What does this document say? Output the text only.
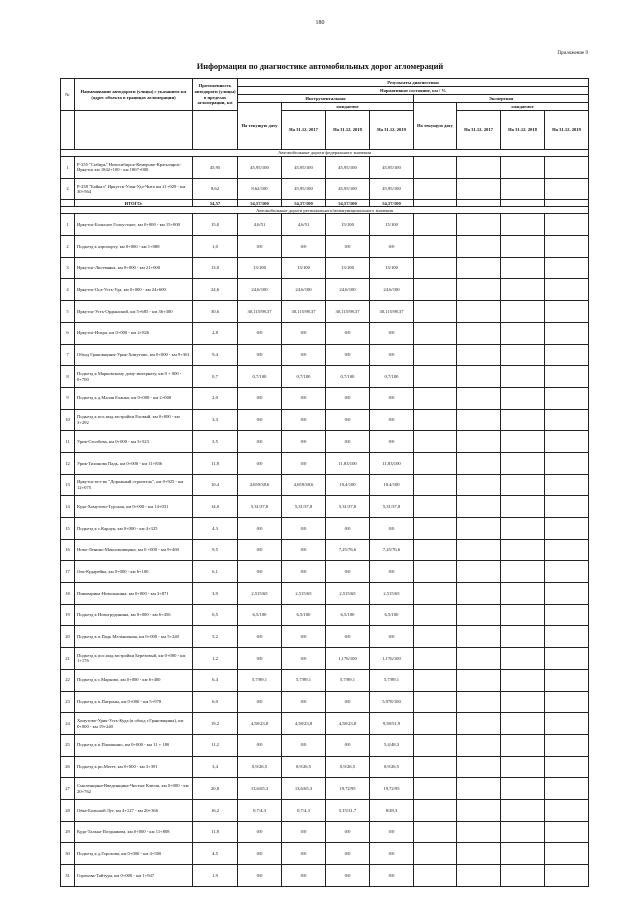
180
Приложение 9
Информация по диагностике автомобильных дорог агломераций
№	Наименование автодороги (улицы) с указанием км (адрес объекта в границах агломерации)	Протяженность автодороги (улицы) в пределах агломерации, км	Результаты диагностики							
			Нормативное состояние, км / %							
			Инструментальная				Экспертная			
			На текущую дату	ожидаемое			На текущую дату	ожидаемое		
				На 31.12. 2017	На 31.12. 2018	На 31.12. 2019		На 31.12. 2017	На 31.12. 2018	На 31.12. 2019
Автомобильные дороги федерального значения										
1	Р-255 "Сибирь" Новосибирск-Кемерово-Красноярск-Иркутск км 1842+100 - км 1867+000	45,95	45,95/100	45,95/100	45,95/100	45,95/100				
2	Р-258 "Байкал" Иркутск-Улан-Удэ-Чита км 21+929 - км 30+564	8,62	8,62/100	45,95/100	45,95/100	45,95/100				
	ИТОГО:	54,57	54,57/100	54,57/100	54,57/100	54,57/100				
Автомобильные дороги регионального/межмуниципального значения										
1	Иркутск-Большое Голоустное, км 0+000 - км 15+000	15,0	4,6/51	4,6/51	15/100	15/100				
2	Подъезд к аэропорту, км 0+000 - км 1+088	1,0	0/0	0/0	0/0	0/0				
3	Иркутск-Листвянка, км 8+000 - км 21+000	13,0	13/100	13/100	13/100	13/100				
4	Иркутск-Оса-Усть-Уда, км 0+000 - км 24+600	24,6	24,6/100	24,6/100	24,6/100	24,6/100				
5	Иркутск-Усть-Ордынский, км 5+685 - км 36+300	30,6	30,115/98,37	30,115/98,37	30,115/98,37	30,115/98,37				
6	Иркутск-Искра, км 0+000 - км 2+826	2,8	0/0	0/0	0/0	0/0				
7	Обход Грановщины-Урик-Хомутово, км 0+000 - км 9+361	9,4	0/0	0/0	0/0	0/0				
8	Подъезд к Марковскому дому-интернату, км 0 + 000 - 0+700	0,7	0,7/100	0,7/100	0,7/100	0,7/100				
9	Подъезд к д.Малая Еланка, км 0+000 - км 2+000	2,0	0/0	0/0	0/0	0/0				
10	Подъезд к пос.инд.застройки Еловый, км 0+000 - км 3+292	3,3	0/0	0/0	0/0	0/0				
11	Урик-Столбова, км 0+000 - км 3+523	3,5	0/0	0/0	0/0	0/0				
12	Урик-Тихонова Падь, км 0+000 - км 11+836	11,8	0/0	0/0	11,83/100	11,83/100				
13	Иркутск-пгт-во "Дорожный строитель", км 0+925 - км 12+075	10,4	4,659/38,6	4,659/38,6	10,4/100	10,4/100				
14	Куда-Хомутово-Турская, км 0+000 - км 14+031	14,0	5,31/37,8	5,31/37,8	5,31/37,8	5,31/37,8				
15	Подъезд к с.Карлук, км 0+000 - км 4+325	4,3	0/0	0/0	0/0	0/0				
16	Ново-Ленино-Максимовщина, км 0 +000 - км 9+460	9,5	0/0	0/0	7,25/76,6	7,25/76,6				
17	Оек-Кударейка, км 0+000 - км 6+100	6,1	0/0	0/0	0/0	0/0				
18	Пивоварика-Новолыкина, км 0+000 - км 3+871	3,9	2,515/65	2,515/65	2,515/65	2,515/65				
19	Подъезд к Новогрудинина, км 0+000 - км 6+456	6,5	6,5/100	6,5/100	6,5/100	6,5/100				
20	Подъезд к п.Падь Мельничная, км 0+000 - км 5+240	5,2	0/0	0/0	0/0	0/0				
21	Подъезд к пос.инд.застройки Березовый, км 0+000 - км 1+176	1,2	0/0	0/0	1,176/100	1,176/100				
22	Подъезд к с.Марково, км 0+000 - км 6+400	6,4	5,7/89,1	5,7/89,1	5,7/89,1	5,7/89,1				
23	Подъезд к п.Патроны, км 0+000 - км 5+978	6,0	0/0	0/0	0/0	5,978/100				
24	Хомутово-Урик-Усть-Куда (в обход г.Грановщины), км 0+000 - км 19+240	19,2	4,58/23,8	4,58/23,8	4,58/23,8	9,58/51,9				
25	Подъезд к п.Плишкино, км 0+000 - км 11 + 180	11,2	0/0	0/0	0/0	5,4/48,3				
26	Подъезд к рп.Мегет, км 0+000 - км 3+391	3,4	0,9/26,5	0,9/26,5	0,9/26,5	0,9/26,5				
27	Смоленщина-Введенщина-Чистые Ключи, км 0+000 - км 20+762	20,8	13,6/65,3	13,6/65,3	19,72/95	19,72/95				
28	Оёка-Большой Луг, км 4+127 - км 20+366	16,2	0,7/4,3	0,7/4,3	5,15/31,7	8/49,3				
29	Куда-Талька-Позднякова, км 0+000 - км 11+808	11,8	0/0	0/0	0/0	0/0				
30	Подъезд к д.Горохова, км 0+000 - км 4+500	4,5	0/0	0/0	0/0	0/0				
31	Горохова-Тайтура, км 0+000 - км 1+947	1,9	0/0	0/0	0/0	0/0				
